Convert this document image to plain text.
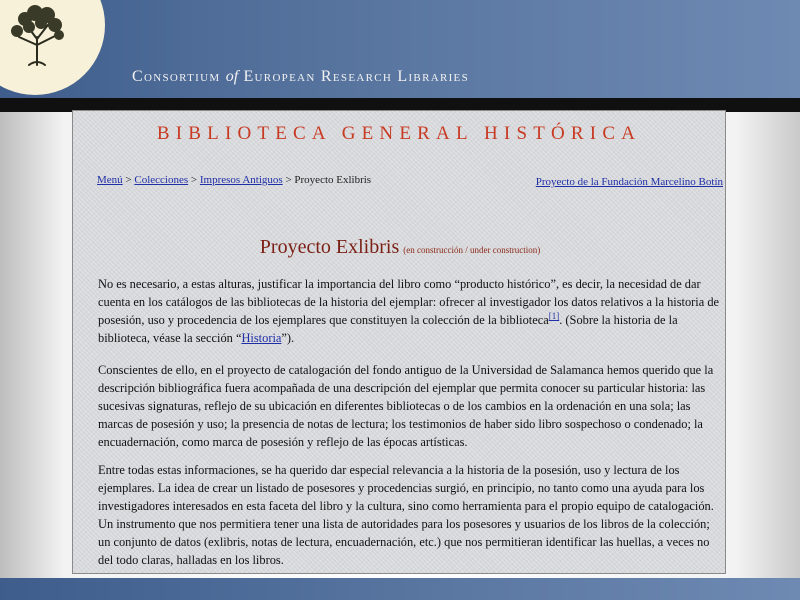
Consortium of European Research Libraries
BIBLIOTECA GENERAL HISTÓRICA
Menú > Colecciones > Impresos Antiguos > Proyecto Exlibris	Proyecto de la Fundación Marcelino Botín
Proyecto Exlibris (en construcción / under construction)
No es necesario, a estas alturas, justificar la importancia del libro como “producto histórico”, es decir, la necesidad de dar cuenta en los catálogos de las bibliotecas de la historia del ejemplar: ofrecer al investigador los datos relativos a la historia de posesión, uso y procedencia de los ejemplares que constituyen la colección de la biblioteca[1]. (Sobre la historia de la biblioteca, véase la sección “Historia”).
Conscientes de ello, en el proyecto de catalogación del fondo antiguo de la Universidad de Salamanca hemos querido que la descripción bibliográfica fuera acompañada de una descripción del ejemplar que permita conocer su particular historia: las sucesivas signaturas, reflejo de su ubicación en diferentes bibliotecas o de los cambios en la ordenación en una sola; las marcas de posesión y uso; la presencia de notas de lectura; los testimonios de haber sido libro sospechoso o condenado; la encuadernación, como marca de posesión y reflejo de las épocas artísticas.
Entre todas estas informaciones, se ha querido dar especial relevancia a la historia de la posesión, uso y lectura de los ejemplares. La idea de crear un listado de posesores y procedencias surgió, en principio, no tanto como una ayuda para los investigadores interesados en esta faceta del libro y la cultura, sino como herramienta para el propio equipo de catalogación. Un instrumento que nos permitiera tener una lista de autoridades para los posesores y usuarios de los libros de la colección; un conjunto de datos (exlibris, notas de lectura, encuadernación, etc.) que nos permitieran identificar las huellas, a veces no del todo claras, halladas en los libros.
